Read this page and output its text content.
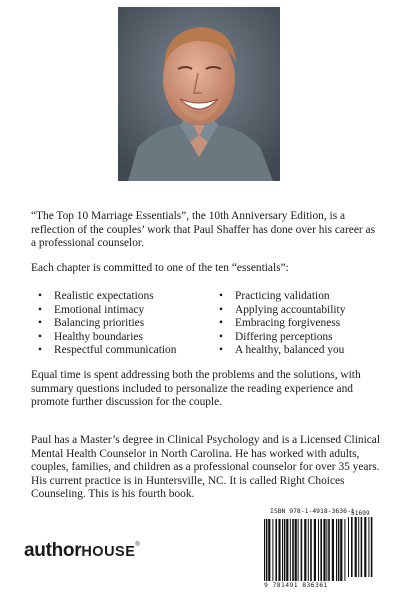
“The Top 10 Marriage Essentials”, the 10th Anniversary Edition, is a reflection of the couples’ work that Paul Shaffer has done over his career as a professional counselor.

Each chapter is committed to one of the ten “essentials”:

• Realistic expectations
• Emotional intimacy
• Balancing priorities
• Healthy boundaries
• Respectful communication
• Practicing validation
• Applying accountability
• Embracing forgiveness
• Differing perceptions
• A healthy, balanced you

Equal time is spent addressing both the problems and the solutions, with summary questions included to personalize the reading experience and promote further discussion for the couple.

Paul has a Master’s degree in Clinical Psychology and is a Licensed Clinical Mental Health Counselor in North Carolina. He has worked with adults, couples, families, and children as a professional counselor for over 35 years. His current practice is in Huntersville, NC. It is called Right Choices Counseling. This is his fourth book.

authorHOUSE®
ISBN 978-1-4918-3636-1
51699
9 781491 836361
